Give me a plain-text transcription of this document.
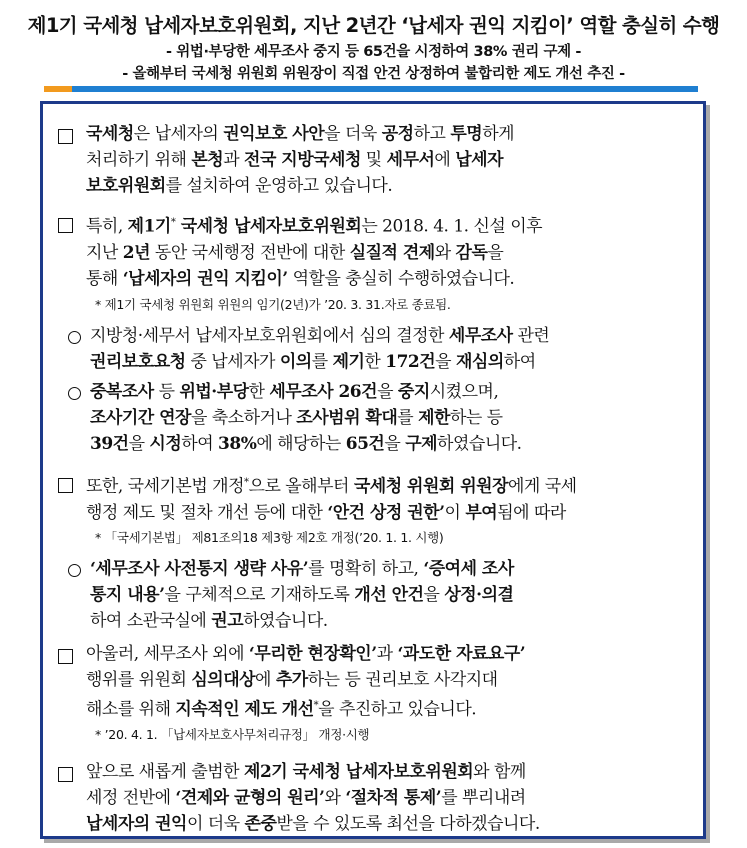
제1기 국세청 납세자보호위원회, 지난 2년간 ‘납세자 권익 지킴이’ 역할 충실히 수행
- 위법·부당한 세무조사 중지 등 65건을 시정하여 38% 권리 구제 -
- 올해부터 국세청 위원회 위원장이 직접 안건 상정하여 불합리한 제도 개선 추진 -
국세청은 납세자의 권익보호 사안을 더욱 공정하고 투명하게
처리하기 위해 본청과 전국 지방국세청 및 세무서에 납세자
보호위원회를 설치하여 운영하고 있습니다.
특히, 제1기* 국세청 납세자보호위원회는 2018. 4. 1. 신설 이후
지난 2년 동안 국세행정 전반에 대한 실질적 견제와 감독을
통해 ‘납세자의 권익 지킴이’ 역할을 충실히 수행하였습니다.
* 제1기 국세청 위원회 위원의 임기(2년)가 ’20. 3. 31.자로 종료됨.
지방청·세무서 납세자보호위원회에서 심의 결정한 세무조사 관련
권리보호요청 중 납세자가 이의를 제기한 172건을 재심의하여
중복조사 등 위법·부당한 세무조사 26건을 중지시켰으며,
조사기간 연장을 축소하거나 조사범위 확대를 제한하는 등
39건을 시정하여 38%에 해당하는 65건을 구제하였습니다.
또한, 국세기본법 개정*으로 올해부터 국세청 위원회 위원장에게 국세
행정 제도 및 절차 개선 등에 대한 ‘안건 상정 권한’이 부여됨에 따라
* 「국세기본법」 제81조의18 제3항 제2호 개정(’20. 1. 1. 시행)
‘세무조사 사전통지 생략 사유’를 명확히 하고, ‘증여세 조사
통지 내용’을 구체적으로 기재하도록 개선 안건을 상정·의결
하여 소관국실에 권고하였습니다.
아울러, 세무조사 외에 ‘무리한 현장확인’과 ‘과도한 자료요구’
행위를 위원회 심의대상에 추가하는 등 권리보호 사각지대
해소를 위해 지속적인 제도 개선*을 추진하고 있습니다.
* ’20. 4. 1. 「납세자보호사무처리규정」 개정·시행
앞으로 새롭게 출범한 제2기 국세청 납세자보호위원회와 함께
세정 전반에 ‘견제와 균형의 원리’와 ‘절차적 통제’를 뿌리내려
납세자의 권익이 더욱 존중받을 수 있도록 최선을 다하겠습니다.
